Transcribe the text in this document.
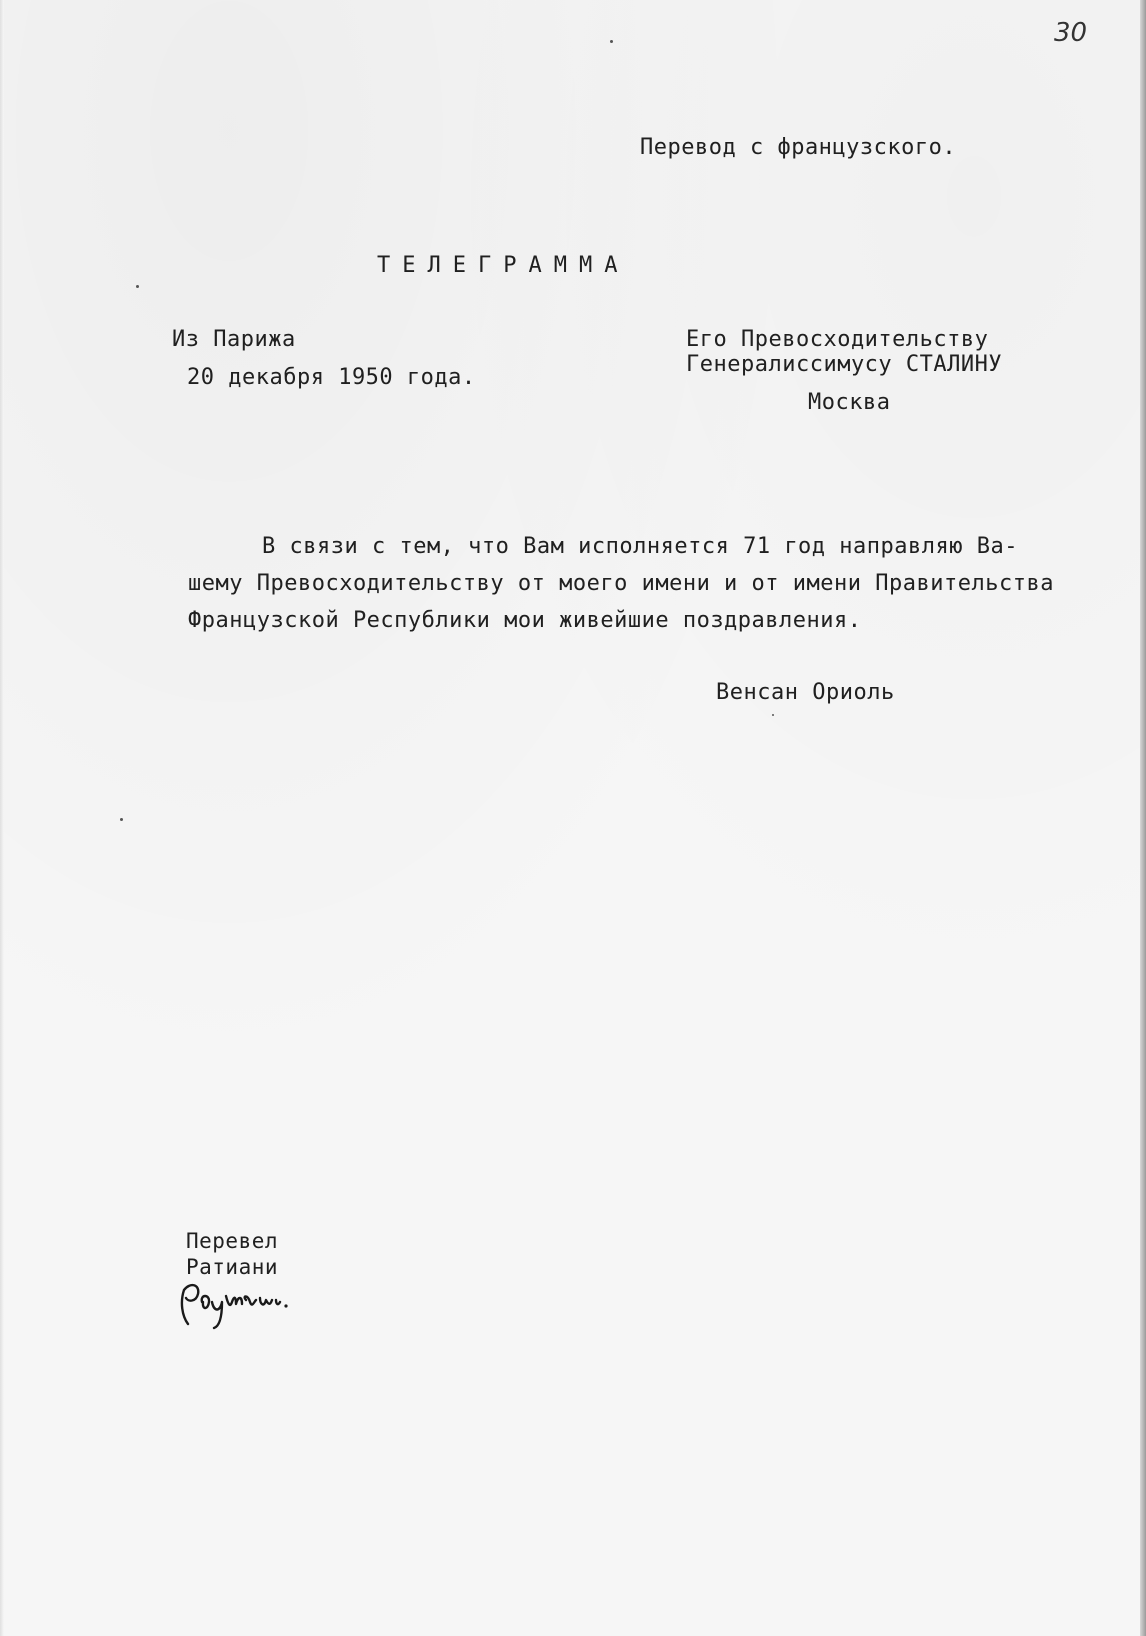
30
Перевод с французского.
ТЕЛЕГРАММА
Из Парижа
20 декабря 1950 года.
Его Превосходительству
Генералиссимусу СТАЛИНУ
Москва
В связи с тем, что Вам исполняется 71 год направляю Ва-
шему Превосходительству от моего имени и от имени Правительства
Французской Республики мои живейшие поздравления.
Венсан Ориоль
Перевел
Ратиани
